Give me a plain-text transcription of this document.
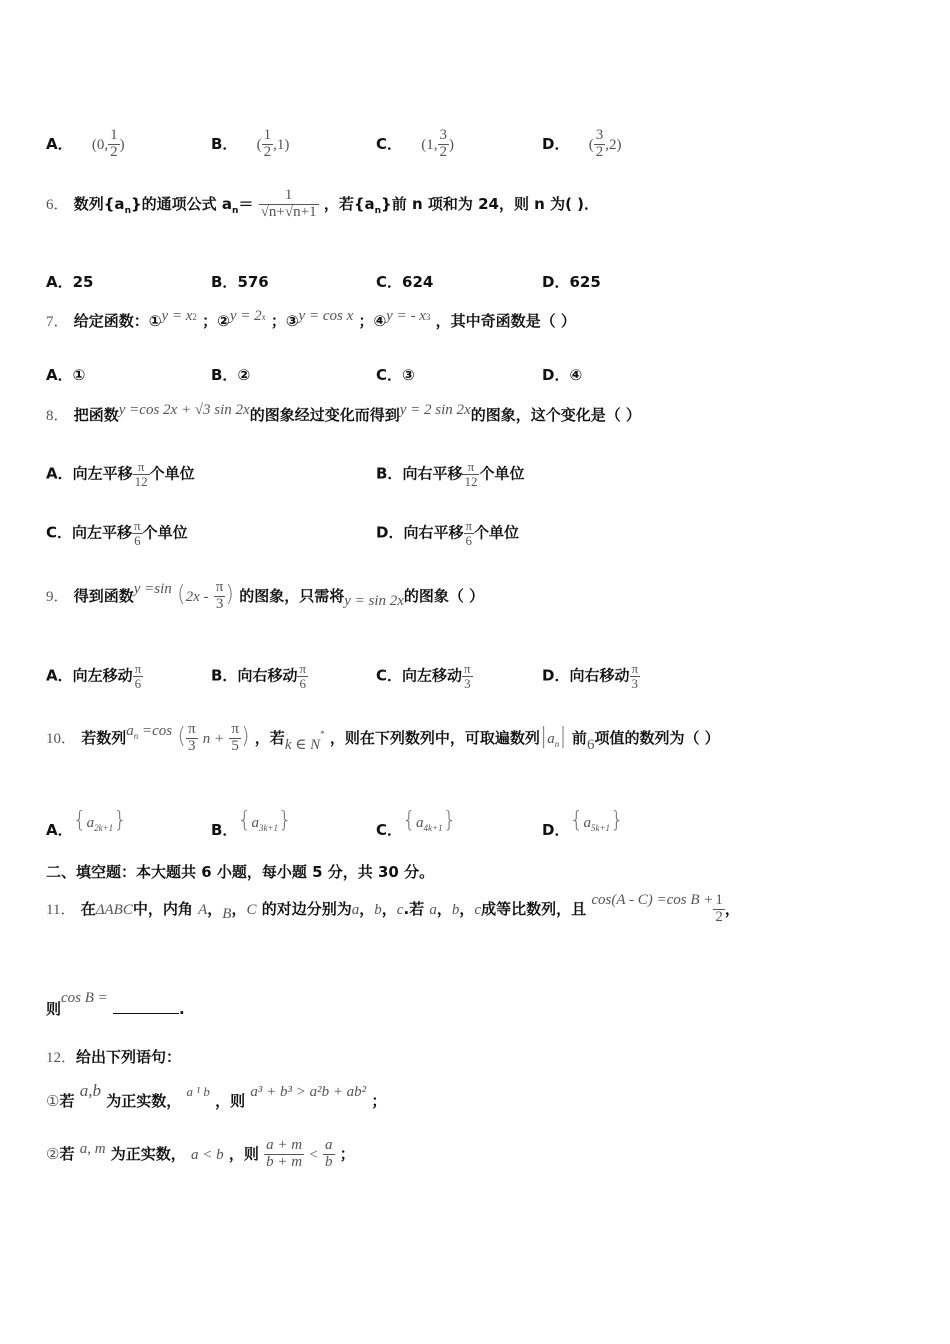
A． (0, $\frac{1}{2}$ )	B． ( $\frac{1}{2} ,1$)	C． (1, $\frac{3}{2}$ )	D． ( $\frac{3}{2} ,2$)
6． 数列$\{a_n\}$的通项公式 $a_n= \frac{1}{√n+√n+1}$ ，若$\{a_n\}$前 n 项和为 24，则 n 为( )．
A．25	B．576	C．624	D．625
7． 给定函数：①y = $x^2$ ；②y = $2^x$ ；③y = cos x ；④y = - $x^3$ ，其中奇函数是（ ）
A．①	B．②	C．③	D．④
8． 把函数y =cos 2x + √3 sin 2x的图象经过变化而得到y = 2 sin 2x的图象，这个变化是（ ）
A．向左平移 $\frac{\pi}{12}$ 个单位	B．向右平移 $\frac{\pi}{12}$ 个单位
C．向左平移 $\frac{\pi}{6}$ 个单位	D．向右平移 $\frac{\pi}{6}$ 个单位
9． 得到函数y =sin ($2x - \frac{\pi}{3}$ ) 的图象，只需将y = sin 2x的图象（ ）
A．向左移动 $\frac{\pi}{6}$	B．向右移动 $\frac{\pi}{6}$	C．向左移动 $\frac{\pi}{3}$	D．向右移动 $\frac{\pi}{3}$
10． 若数列$a_n =\cos$ ( $\frac{\pi}{3}$ $n + \frac{\pi}{5}$ ) ，若k ∈ N* ，则在下列数列中，可取遍数列$|a_n|$ 前6项值的数列为（ ）
A．$\{a_{2k+1}\}$	B．$\{a_{3k+1}\}$	C．$\{a_{4k+1}\}$	D．$\{a_{5k+1}\}$
二、填空题：本大题共 6 小题，每小题 5 分，共 30 分。
11． 在ΔABC中，内角 A，B，C 的对边分别为a，b，c.若 a，b，c成等比数列，且 cos(A - C) =cos $B + \frac{1}{2}$ ，
则cos B = .
12．给出下列语句：
①若 a,b 为正实数， a ¹ b ，则 a³ + b³ > a²b + ab² ；
②若 a, m 为正实数， a < b ，则 $\frac{a + m}{b + m} < \frac{a}{b}$ ；
